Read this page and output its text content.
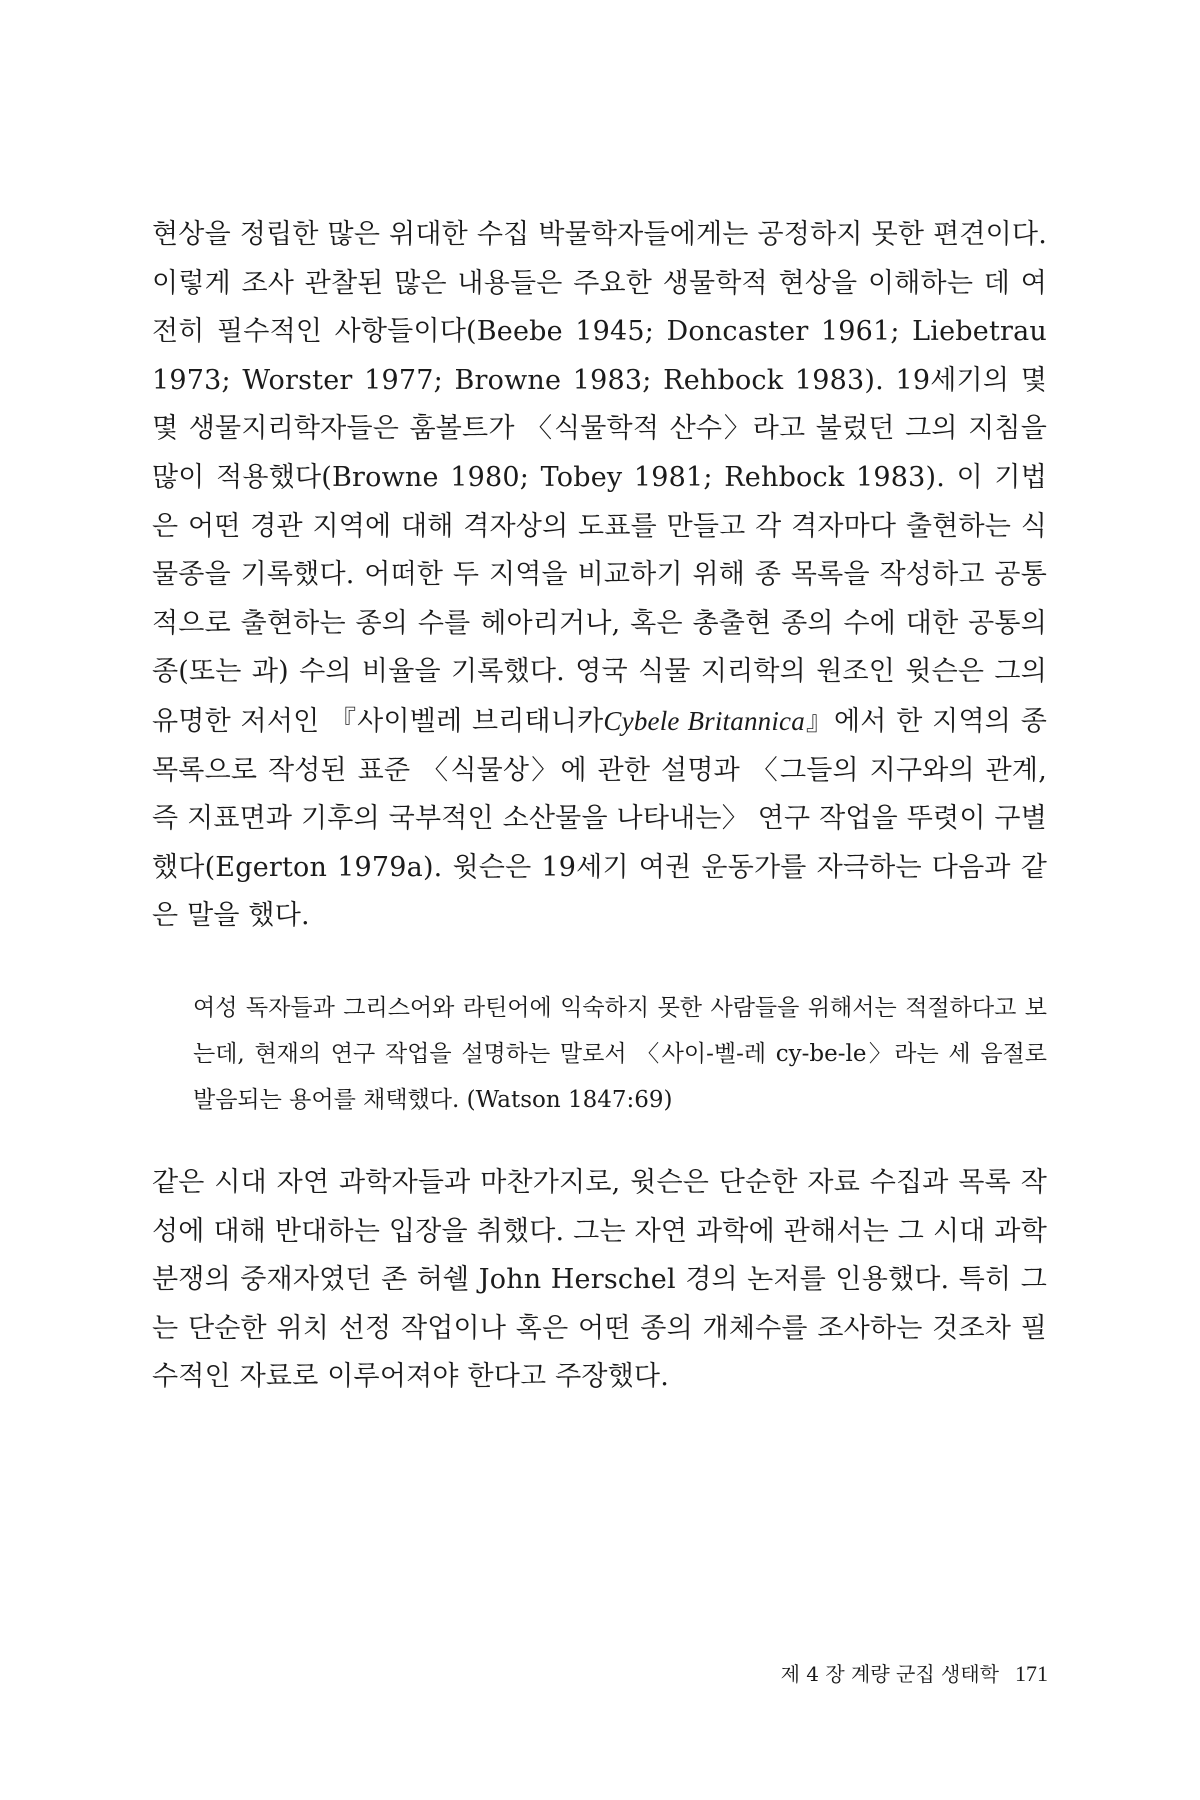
현상을 정립한 많은 위대한 수집 박물학자들에게는 공정하지 못한 편견이다. 이렇게 조사 관찰된 많은 내용들은 주요한 생물학적 현상을 이해하는 데 여전히 필수적인 사항들이다(Beebe 1945; Doncaster 1961; Liebetrau 1973; Worster 1977; Browne 1983; Rehbock 1983). 19세기의 몇몇 생물지리학자들은 훔볼트가 〈식물학적 산수〉라고 불렀던 그의 지침을 많이 적용했다(Browne 1980; Tobey 1981; Rehbock 1983). 이 기법은 어떤 경관 지역에 대해 격자상의 도표를 만들고 각 격자마다 출현하는 식물종을 기록했다. 어떠한 두 지역을 비교하기 위해 종 목록을 작성하고 공통적으로 출현하는 종의 수를 헤아리거나, 혹은 총출현 종의 수에 대한 공통의 종(또는 과) 수의 비율을 기록했다. 영국 식물 지리학의 원조인 윗슨은 그의 유명한 저서인 『사이벨레 브리태니카Cybele Britannica』에서 한 지역의 종 목록으로 작성된 표준 〈식물상〉에 관한 설명과 〈그들의 지구와의 관계, 즉 지표면과 기후의 국부적인 소산물을 나타내는〉 연구 작업을 뚜렷이 구별했다(Egerton 1979a). 윗슨은 19세기 여권 운동가를 자극하는 다음과 같은 말을 했다.

여성 독자들과 그리스어와 라틴어에 익숙하지 못한 사람들을 위해서는 적절하다고 보는데, 현재의 연구 작업을 설명하는 말로서 〈사이-벨-레 cy-be-le〉라는 세 음절로 발음되는 용어를 채택했다. (Watson 1847:69)

같은 시대 자연 과학자들과 마찬가지로, 윗슨은 단순한 자료 수집과 목록 작성에 대해 반대하는 입장을 취했다. 그는 자연 과학에 관해서는 그 시대 과학 분쟁의 중재자였던 존 허쉘 John Herschel 경의 논저를 인용했다. 특히 그는 단순한 위치 선정 작업이나 혹은 어떤 종의 개체수를 조사하는 것조차 필수적인 자료로 이루어져야 한다고 주장했다.

제 4 장 계량 군집 생태학 171
